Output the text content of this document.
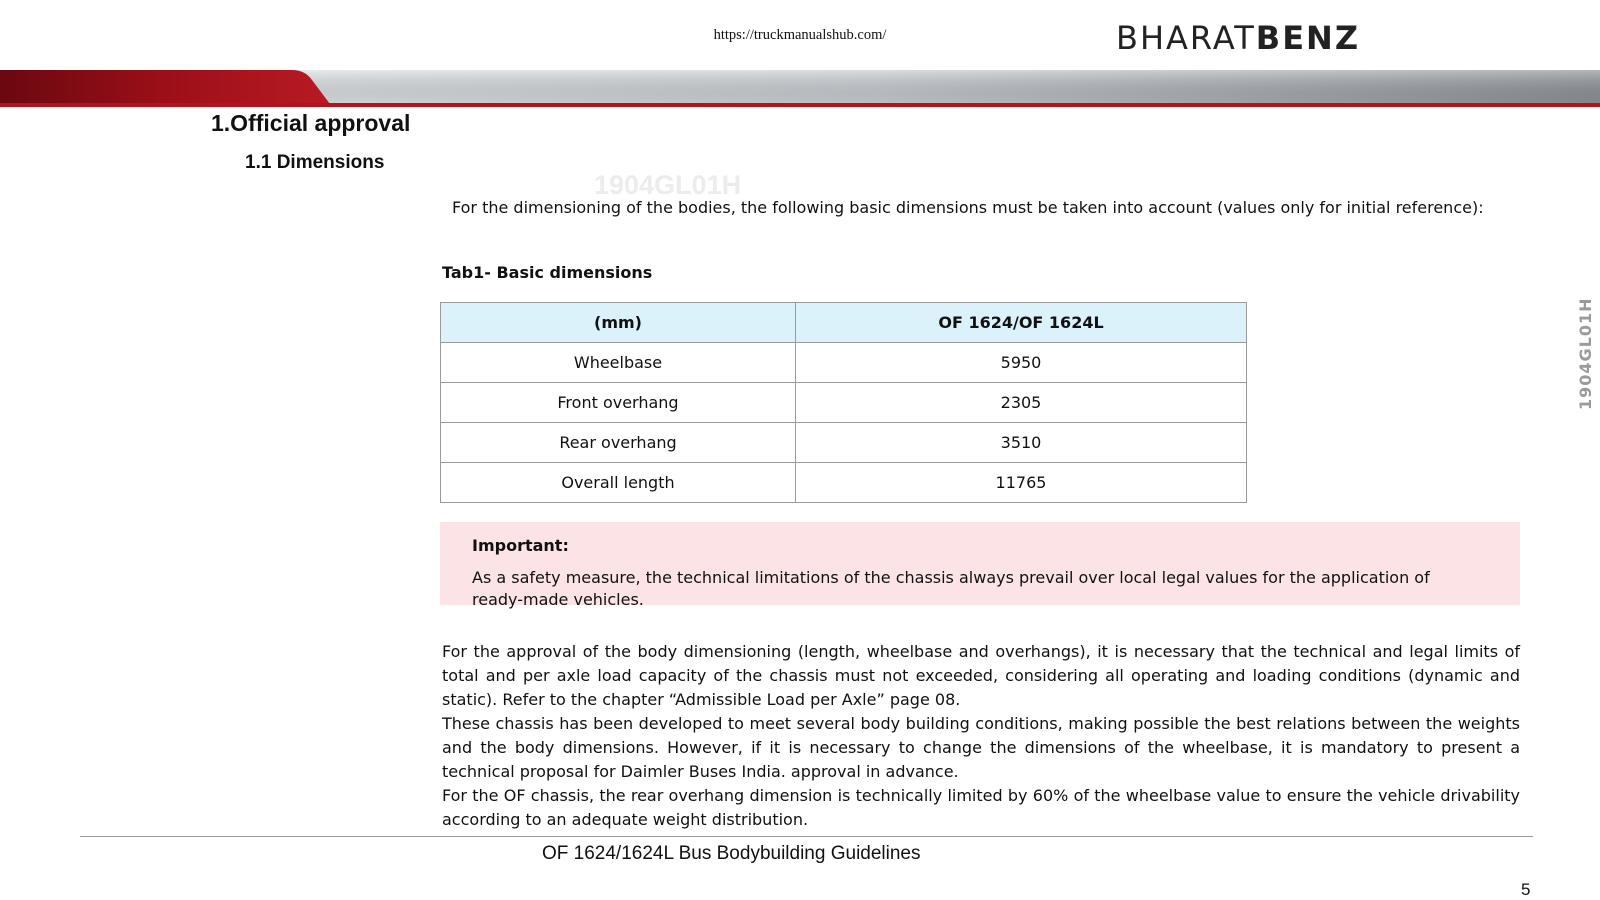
https://truckmanualshub.com/	BHARATBENZ
1.Official approval
1.1 Dimensions
1904GL01H
1904GL01H
For the dimensioning of the bodies, the following basic dimensions must be taken into account (values only for initial reference):
Tab1- Basic dimensions
(mm)	OF 1624/OF 1624L
Wheelbase	5950
Front overhang	2305
Rear overhang	3510
Overall length	11765
Important:
As a safety measure, the technical limitations of the chassis always prevail over local legal values for the application of ready-made vehicles.

For the approval of the body dimensioning (length, wheelbase and overhangs), it is necessary that the technical and legal limits of total and per axle load capacity of the chassis must not exceeded, considering all operating and loading conditions (dynamic and static). Refer to the chapter “Admissible Load per Axle” page 08.

These chassis has been developed to meet several body building conditions, making possible the best relations between the weights and the body dimensions. However, if it is necessary to change the dimensions of the wheelbase, it is mandatory to present a technical proposal for Daimler Buses India. approval in advance.

For the OF chassis, the rear overhang dimension is technically limited by 60% of the wheelbase value to ensure the vehicle drivability according to an adequate weight distribution.

OF 1624/1624L Bus Bodybuilding Guidelines
5
